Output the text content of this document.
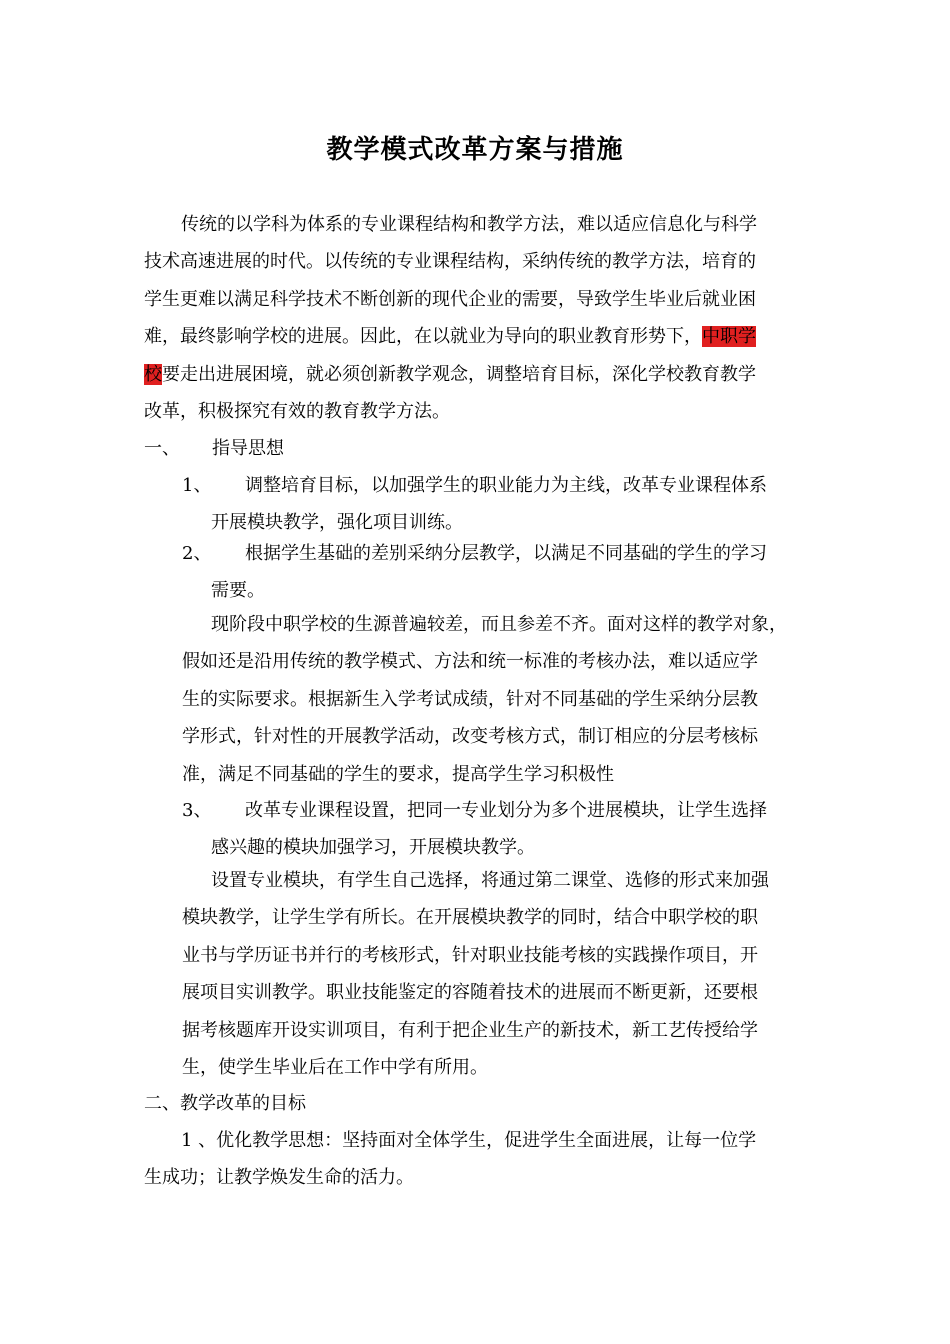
教学模式改革方案与措施
传统的以学科为体系的专业课程结构和教学方法，难以适应信息化与科学
技术高速进展的时代。以传统的专业课程结构，采纳传统的教学方法，培育的
学生更难以满足科学技术不断创新的现代企业的需要，导致学生毕业后就业困
难，最终影响学校的进展。因此，在以就业为导向的职业教育形势下，中职学
校要走出进展困境，就必须创新教学观念，调整培育目标，深化学校教育教学
改革，积极探究有效的教育教学方法。
一、 指导思想
1、 调整培育目标，以加强学生的职业能力为主线，改革专业课程体系
开展模块教学，强化项目训练。
2、 根据学生基础的差别采纳分层教学，以满足不同基础的学生的学习
需要。
现阶段中职学校的生源普遍较差，而且参差不齐。面对这样的教学对象，
假如还是沿用传统的教学模式、方法和统一标准的考核办法，难以适应学
生的实际要求。根据新生入学考试成绩，针对不同基础的学生采纳分层教
学形式，针对性的开展教学活动，改变考核方式，制订相应的分层考核标
准，满足不同基础的学生的要求，提高学生学习积极性
3、 改革专业课程设置，把同一专业划分为多个进展模块，让学生选择
感兴趣的模块加强学习，开展模块教学。
设置专业模块，有学生自己选择，将通过第二课堂、选修的形式来加强
模块教学，让学生学有所长。在开展模块教学的同时，结合中职学校的职
业书与学历证书并行的考核形式，针对职业技能考核的实践操作项目，开
展项目实训教学。职业技能鉴定的容随着技术的进展而不断更新，还要根
据考核题库开设实训项目，有利于把企业生产的新技术，新工艺传授给学
生，使学生毕业后在工作中学有所用。
二、教学改革的目标
1 、优化教学思想：坚持面对全体学生，促进学生全面进展，让每一位学
生成功；让教学焕发生命的活力。
